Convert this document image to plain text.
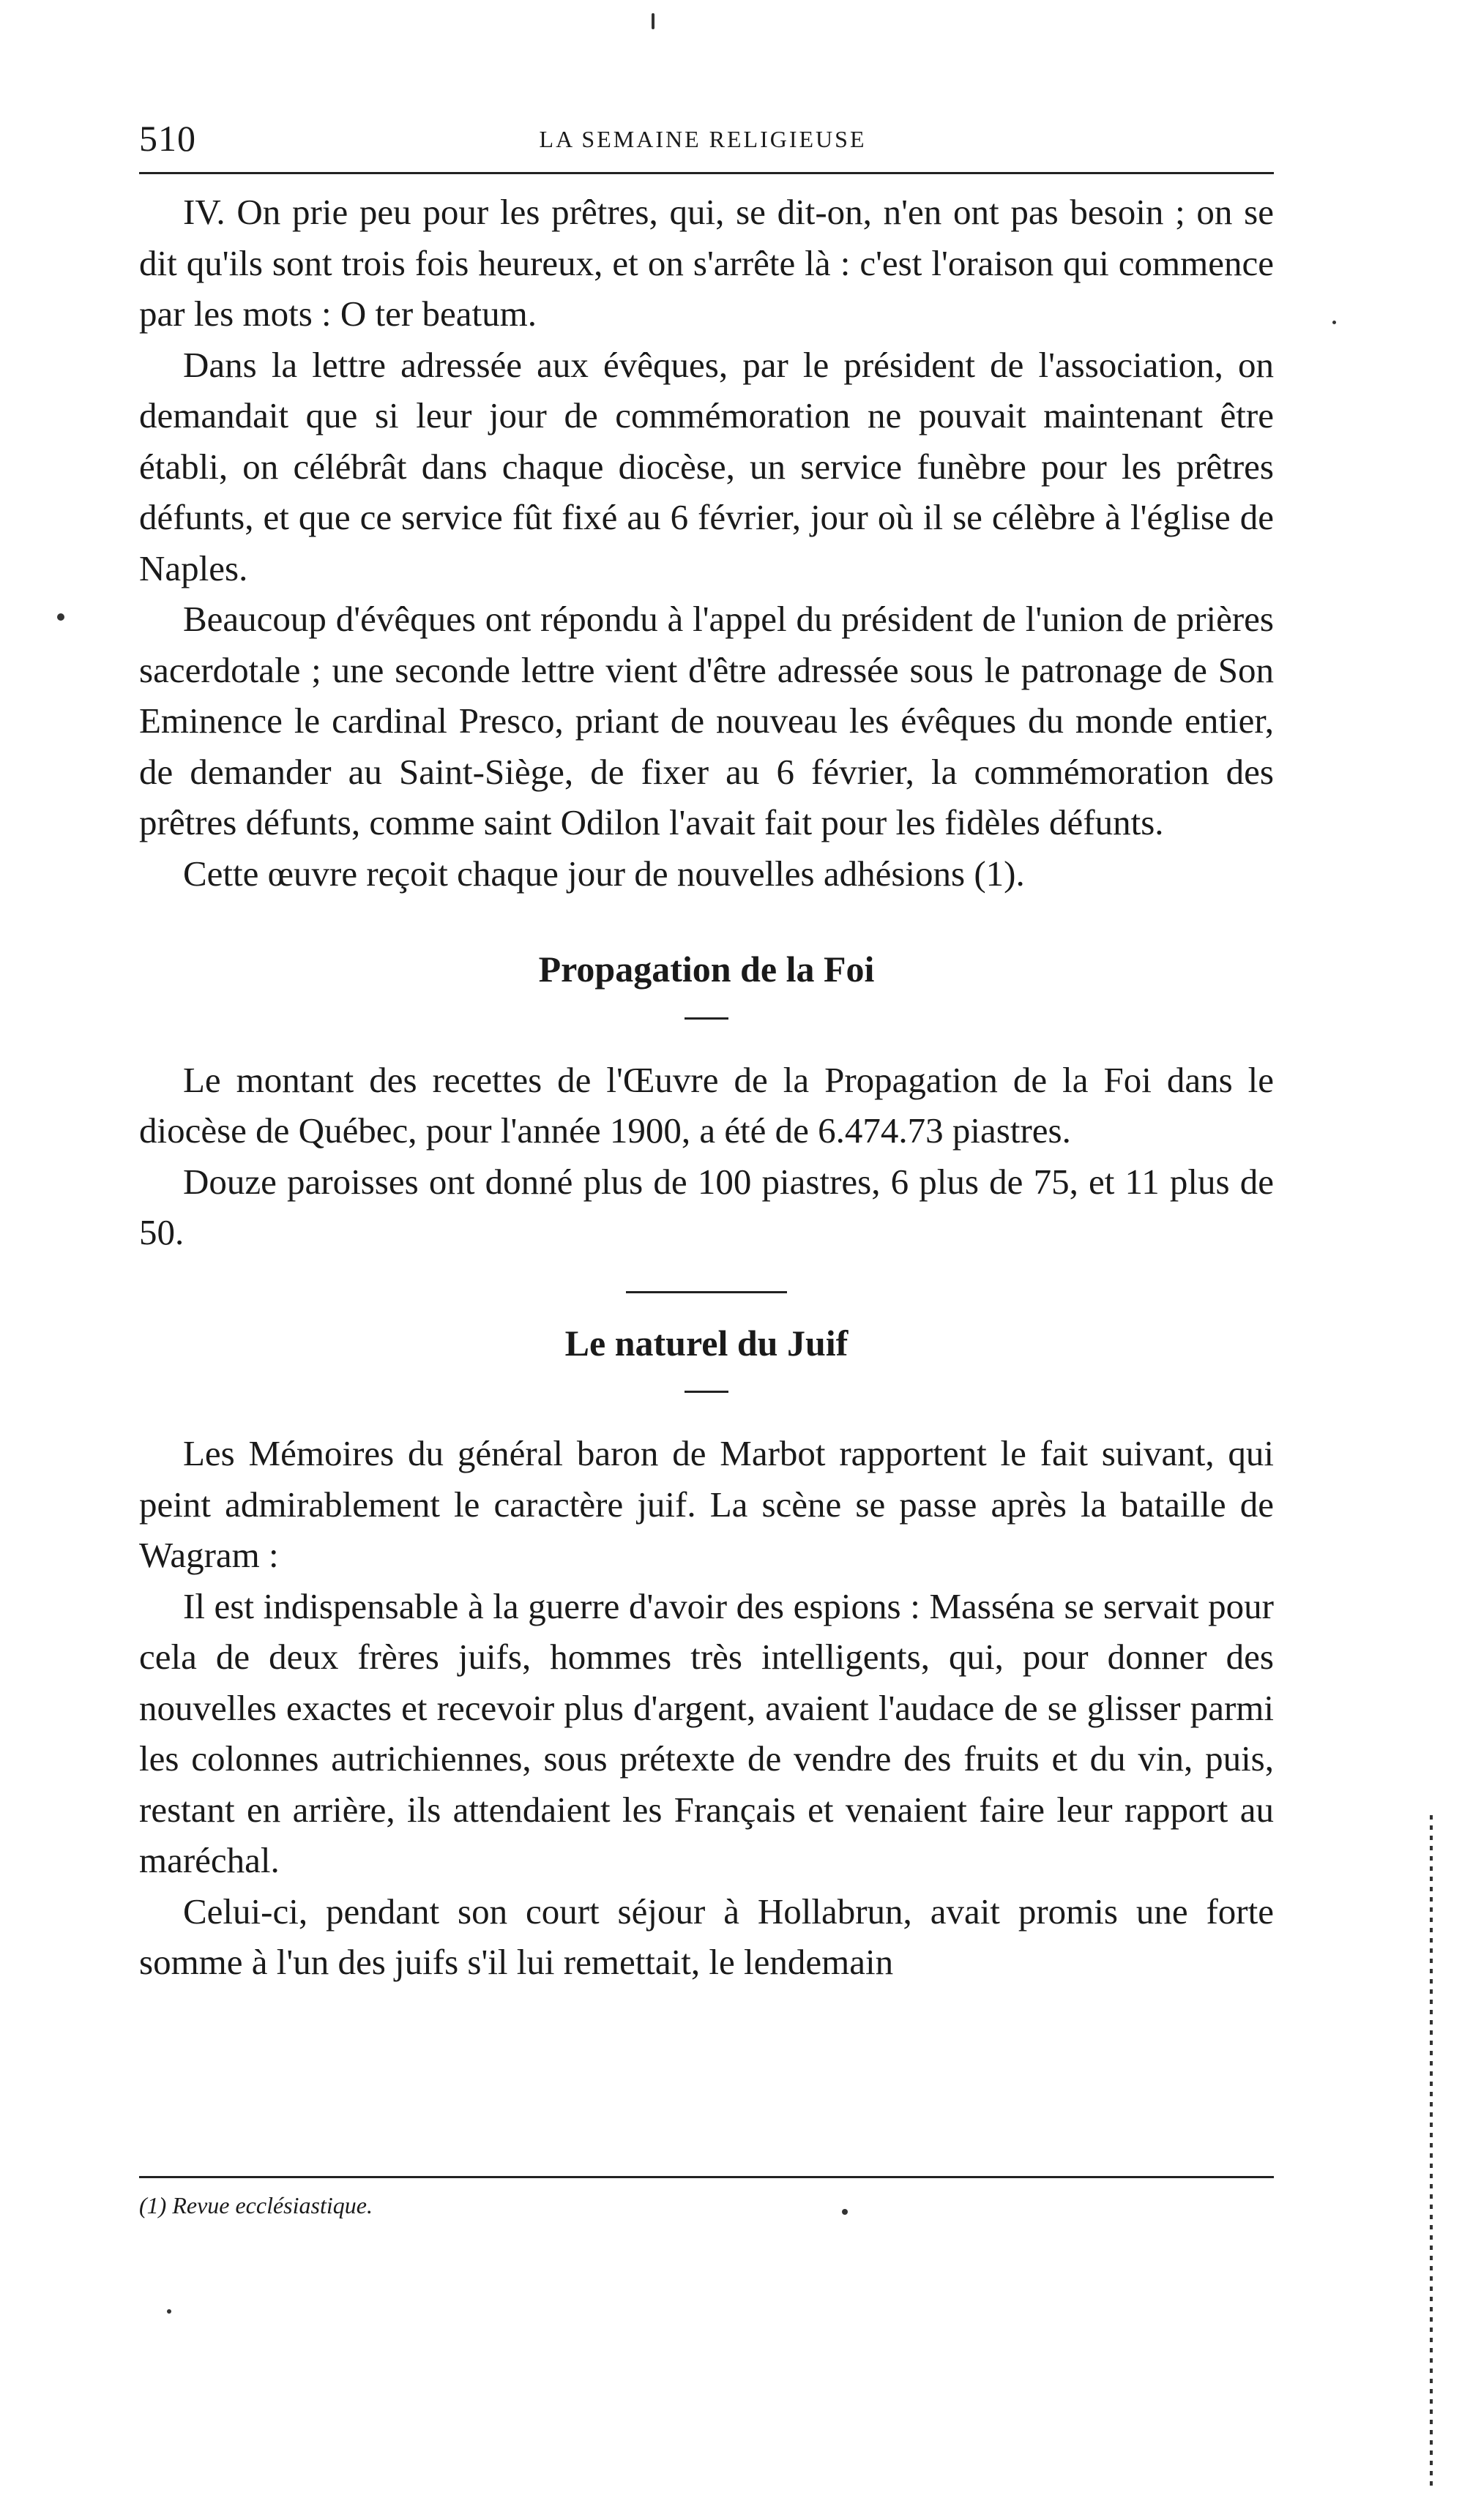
510	LA SEMAINE RELIGIEUSE

IV. On prie peu pour les prêtres, qui, se dit-on, n'en ont pas besoin ; on se dit qu'ils sont trois fois heureux, et on s'arrête là : c'est l'oraison qui commence par les mots : O ter beatum.

Dans la lettre adressée aux évêques, par le président de l'association, on demandait que si leur jour de commémoration ne pouvait maintenant être établi, on célébrât dans chaque diocèse, un service funèbre pour les prêtres défunts, et que ce service fût fixé au 6 février, jour où il se célèbre à l'église de Naples.

Beaucoup d'évêques ont répondu à l'appel du président de l'union de prières sacerdotale ; une seconde lettre vient d'être adressée sous le patronage de Son Eminence le cardinal Presco, priant de nouveau les évêques du monde entier, de demander au Saint-Siège, de fixer au 6 février, la commémoration des prêtres défunts, comme saint Odilon l'avait fait pour les fidèles défunts.

Cette œuvre reçoit chaque jour de nouvelles adhésions (1).

Propagation de la Foi

Le montant des recettes de l'Œuvre de la Propagation de la Foi dans le diocèse de Québec, pour l'année 1900, a été de 6.474.73 piastres.

Douze paroisses ont donné plus de 100 piastres, 6 plus de 75, et 11 plus de 50.

Le naturel du Juif

Les Mémoires du général baron de Marbot rapportent le fait suivant, qui peint admirablement le caractère juif. La scène se passe après la bataille de Wagram :

Il est indispensable à la guerre d'avoir des espions : Masséna se servait pour cela de deux frères juifs, hommes très intelligents, qui, pour donner des nouvelles exactes et recevoir plus d'argent, avaient l'audace de se glisser parmi les colonnes autrichiennes, sous prétexte de vendre des fruits et du vin, puis, restant en arrière, ils attendaient les Français et venaient faire leur rapport au maréchal.

Celui-ci, pendant son court séjour à Hollabrun, avait promis une forte somme à l'un des juifs s'il lui remettait, le lendemain

(1) Revue ecclésiastique.
